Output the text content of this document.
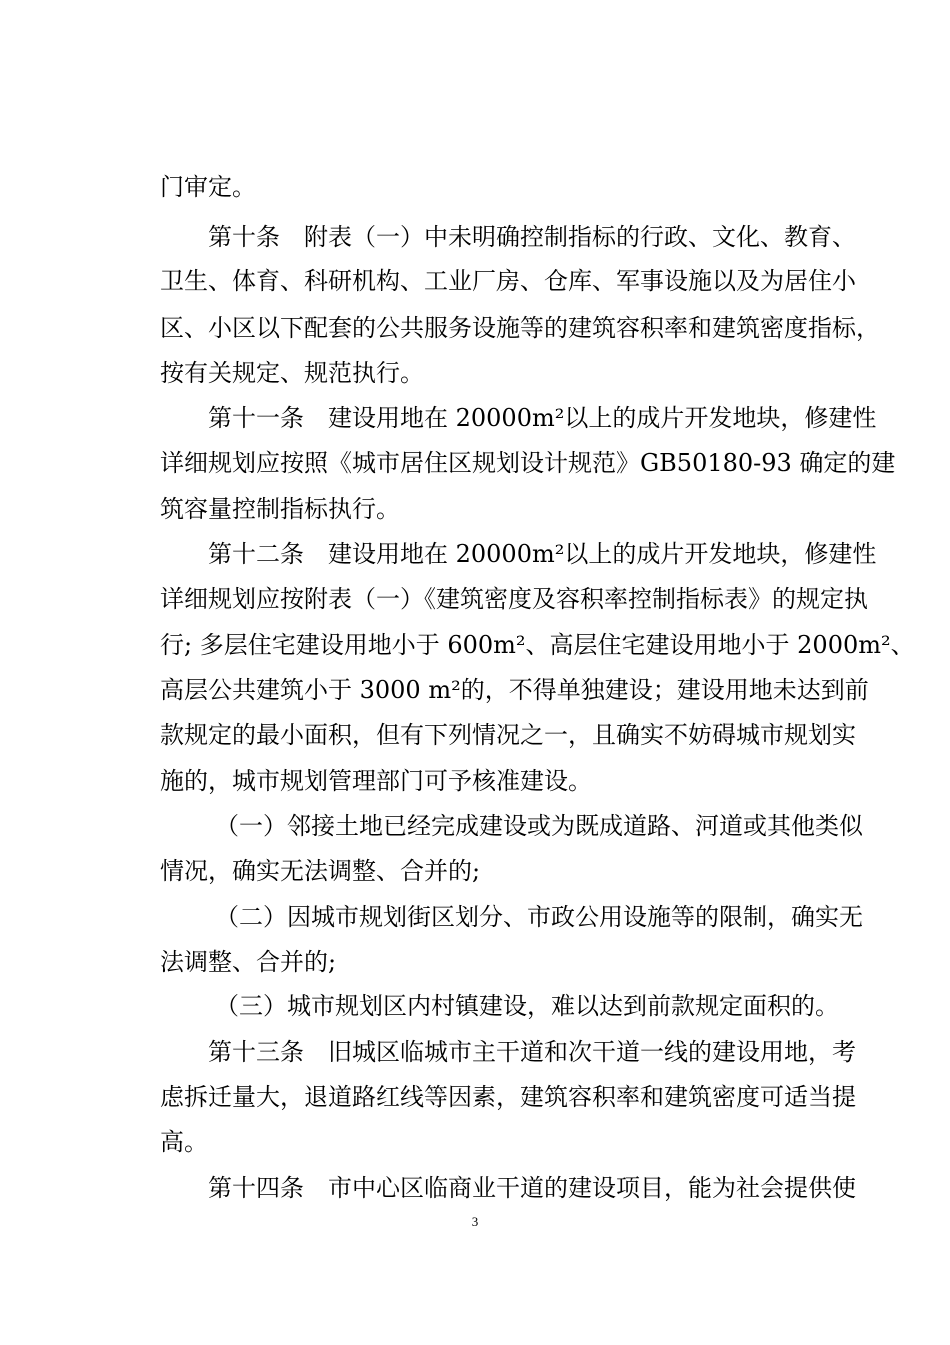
门审定。
第十条　附表（一）中未明确控制指标的行政、文化、教育、
卫生、体育、科研机构、工业厂房、仓库、军事设施以及为居住小
区、小区以下配套的公共服务设施等的建筑容积率和建筑密度指标，
按有关规定、规范执行。
第十一条　建设用地在 20000m²以上的成片开发地块，修建性
详细规划应按照《城市居住区规划设计规范》GB50180-93 确定的建
筑容量控制指标执行。
第十二条　建设用地在 20000m²以上的成片开发地块，修建性
详细规划应按附表（一）《建筑密度及容积率控制指标表》的规定执
行; 多层住宅建设用地小于 600m²、高层住宅建设用地小于 2000m²、
高层公共建筑小于 3000 m²的，不得单独建设；建设用地未达到前
款规定的最小面积，但有下列情况之一，且确实不妨碍城市规划实
施的，城市规划管理部门可予核准建设。
（一）邻接土地已经完成建设或为既成道路、河道或其他类似
情况，确实无法调整、合并的;
（二）因城市规划街区划分、市政公用设施等的限制，确实无
法调整、合并的;
（三）城市规划区内村镇建设，难以达到前款规定面积的。
第十三条　旧城区临城市主干道和次干道一线的建设用地，考
虑拆迁量大，退道路红线等因素，建筑容积率和建筑密度可适当提
高。
第十四条　市中心区临商业干道的建设项目，能为社会提供使
3
